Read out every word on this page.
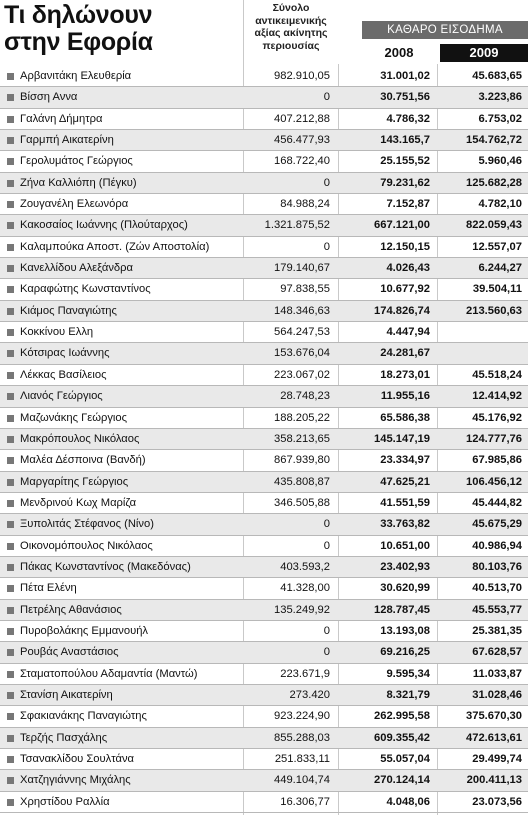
Τι δηλώνουν
στην Εφορία
Σύνολο
αντικειμενικής
αξίας ακίνητης
περιουσίας
ΚΑΘΑΡΟ ΕΙΣΟΔΗΜΑ
2008	2009
Αρβανιτάκη Ελευθερία	982.910,05	31.001,02	45.683,65
Βίσση Αννα	0	30.751,56	3.223,86
Γαλάνη Δήμητρα	407.212,88	4.786,32	6.753,02
Γαρμπή Αικατερίνη	456.477,93	143.165,7	154.762,72
Γερολυμάτος Γεώργιος	168.722,40	25.155,52	5.960,46
Ζήνα Καλλιόπη (Πέγκυ)	0	79.231,62	125.682,28
Ζουγανέλη Ελεωνόρα	84.988,24	7.152,87	4.782,10
Κακοσαίος Ιωάννης (Πλούταρχος)	1.321.875,52	667.121,00	822.059,43
Καλαμπούκα Αποστ. (Ζών Αποστολία)	0	12.150,15	12.557,07
Κανελλίδου Αλεξάνδρα	179.140,67	4.026,43	6.244,27
Καραφώτης Κωνσταντίνος	97.838,55	10.677,92	39.504,11
Κιάμος Παναγιώτης	148.346,63	174.826,74	213.560,63
Κοκκίνου Ελλη	564.247,53	4.447,94
Κότσιρας Ιωάννης	153.676,04	24.281,67
Λέκκας Βασίλειος	223.067,02	18.273,01	45.518,24
Λιανός Γεώργιος	28.748,23	11.955,16	12.414,92
Μαζωνάκης Γεώργιος	188.205,22	65.586,38	45.176,92
Μακρόπουλος Νικόλαος	358.213,65	145.147,19	124.777,76
Μαλέα Δέσποινα (Βανδή)	867.939,80	23.334,97	67.985,86
Μαργαρίτης Γεώργιος	435.808,87	47.625,21	106.456,12
Μενδρινού Κωχ Μαρίζα	346.505,88	41.551,59	45.444,82
Ξυπολιτάς Στέφανος (Νίνο)	0	33.763,82	45.675,29
Οικονομόπουλος Νικόλαος	0	10.651,00	40.986,94
Πάκας Κωνσταντίνος (Μακεδόνας)	403.593,2	23.402,93	80.103,76
Πέτα Ελένη	41.328,00	30.620,99	40.513,70
Πετρέλης Αθανάσιος	135.249,92	128.787,45	45.553,77
Πυροβολάκης Εμμανουήλ	0	13.193,08	25.381,35
Ρουβάς Αναστάσιος	0	69.216,25	67.628,57
Σταματοπούλου Αδαμαντία (Μαντώ)	223.671,9	9.595,34	11.033,87
Στανίση Αικατερίνη	273.420	8.321,79	31.028,46
Σφακιανάκης Παναγιώτης	923.224,90	262.995,58	375.670,30
Τερζής Πασχάλης	855.288,03	609.355,42	472.613,61
Τσανακλίδου Σουλτάνα	251.833,11	55.057,04	29.499,74
Χατζηγιάννης Μιχάλης	449.104,74	270.124,14	200.411,13
Χρηστίδου Ραλλία	16.306,77	4.048,06	23.073,56
